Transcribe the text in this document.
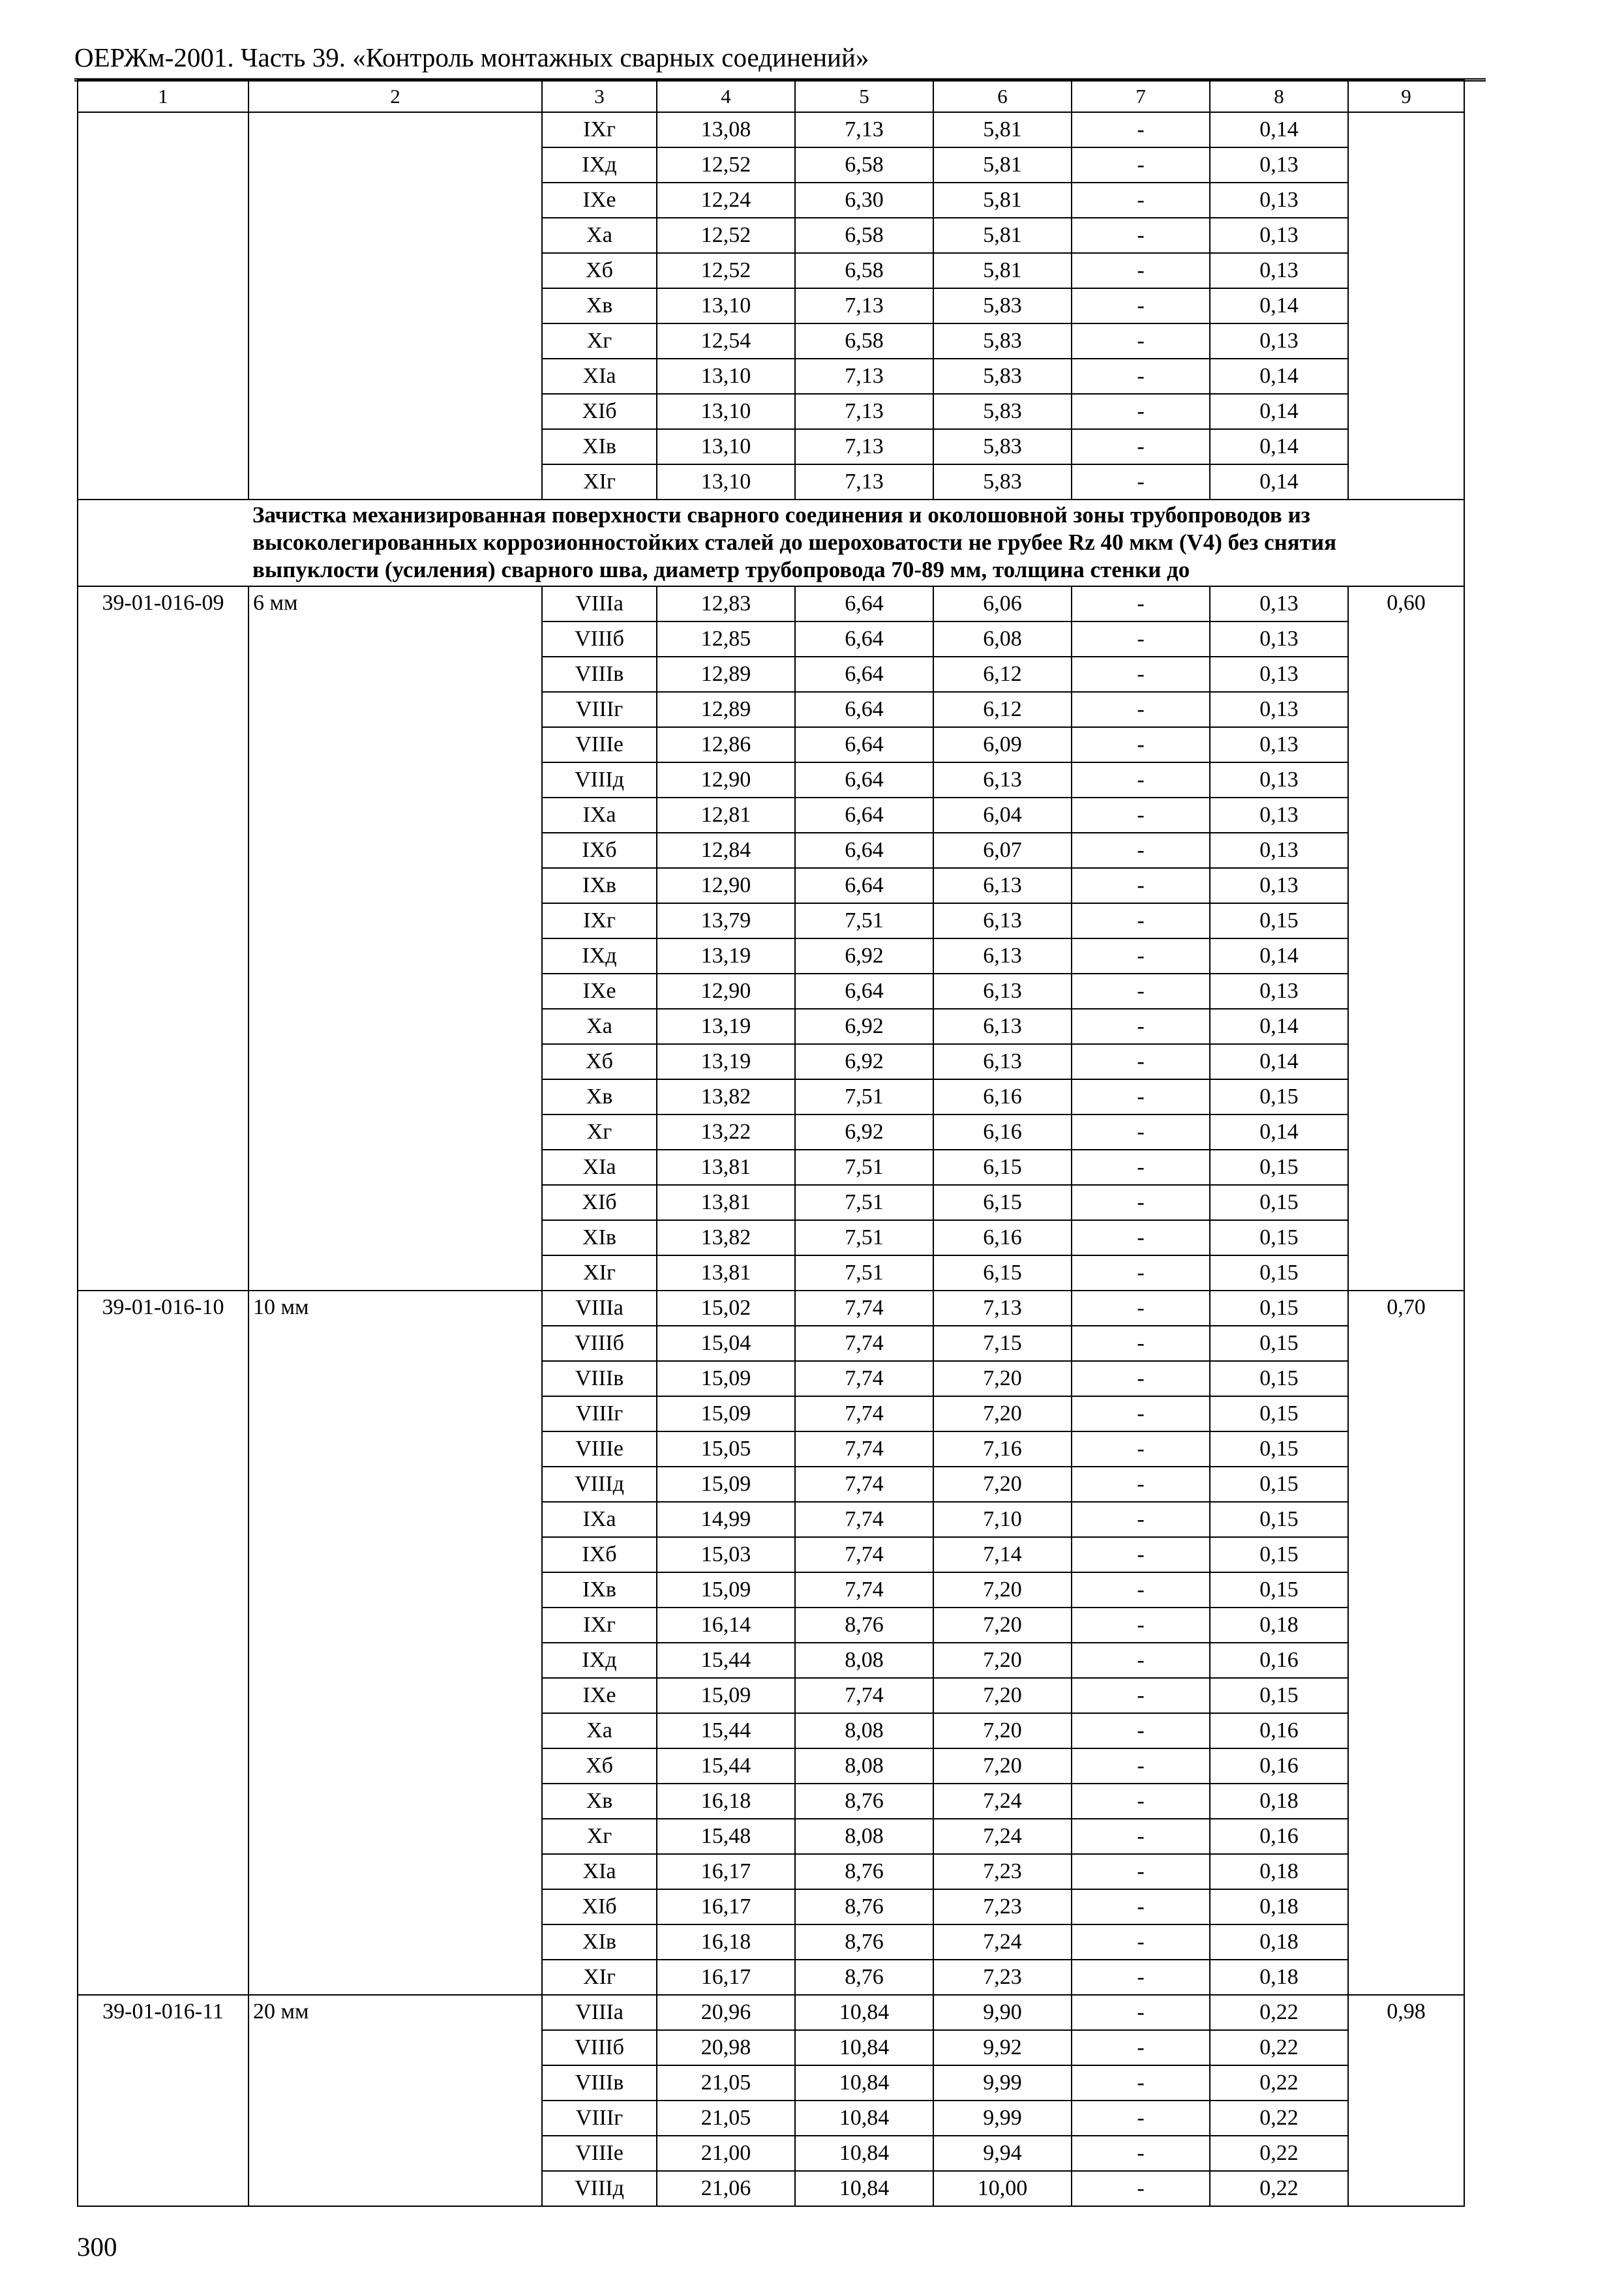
ОЕРЖм-2001. Часть 39. «Контроль монтажных сварных соединений»
1	2	3	4	5	6	7	8	9
		IXг	13,08	7,13	5,81	-	0,14	
		IXд	12,52	6,58	5,81	-	0,13	
		IXе	12,24	6,30	5,81	-	0,13	
		Xа	12,52	6,58	5,81	-	0,13	
		Xб	12,52	6,58	5,81	-	0,13	
		Xв	13,10	7,13	5,83	-	0,14	
		Xг	12,54	6,58	5,83	-	0,13	
		XIа	13,10	7,13	5,83	-	0,14	
		XIб	13,10	7,13	5,83	-	0,14	
		XIв	13,10	7,13	5,83	-	0,14	
		XIг	13,10	7,13	5,83	-	0,14	
	Зачистка механизированная поверхности сварного соединения и околошовной зоны трубопроводов из высоколегированных коррозионностойких сталей до шероховатости не грубее Rz 40 мкм (V4) без снятия выпуклости (усиления) сварного шва, диаметр трубопровода 70-89 мм, толщина стенки до							
39-01-016-09	6 мм	VIIIа	12,83	6,64	6,06	-	0,13	0,60
		VIIIб	12,85	6,64	6,08	-	0,13	
		VIIIв	12,89	6,64	6,12	-	0,13	
		VIIIг	12,89	6,64	6,12	-	0,13	
		VIIIе	12,86	6,64	6,09	-	0,13	
		VIIIд	12,90	6,64	6,13	-	0,13	
		IXа	12,81	6,64	6,04	-	0,13	
		IXб	12,84	6,64	6,07	-	0,13	
		IXв	12,90	6,64	6,13	-	0,13	
		IXг	13,79	7,51	6,13	-	0,15	
		IXд	13,19	6,92	6,13	-	0,14	
		IXе	12,90	6,64	6,13	-	0,13	
		Xа	13,19	6,92	6,13	-	0,14	
		Xб	13,19	6,92	6,13	-	0,14	
		Xв	13,82	7,51	6,16	-	0,15	
		Xг	13,22	6,92	6,16	-	0,14	
		XIа	13,81	7,51	6,15	-	0,15	
		XIб	13,81	7,51	6,15	-	0,15	
		XIв	13,82	7,51	6,16	-	0,15	
		XIг	13,81	7,51	6,15	-	0,15	
39-01-016-10	10 мм	VIIIа	15,02	7,74	7,13	-	0,15	0,70
		VIIIб	15,04	7,74	7,15	-	0,15	
		VIIIв	15,09	7,74	7,20	-	0,15	
		VIIIг	15,09	7,74	7,20	-	0,15	
		VIIIе	15,05	7,74	7,16	-	0,15	
		VIIIд	15,09	7,74	7,20	-	0,15	
		IXа	14,99	7,74	7,10	-	0,15	
		IXб	15,03	7,74	7,14	-	0,15	
		IXв	15,09	7,74	7,20	-	0,15	
		IXг	16,14	8,76	7,20	-	0,18	
		IXд	15,44	8,08	7,20	-	0,16	
		IXе	15,09	7,74	7,20	-	0,15	
		Xа	15,44	8,08	7,20	-	0,16	
		Xб	15,44	8,08	7,20	-	0,16	
		Xв	16,18	8,76	7,24	-	0,18	
		Xг	15,48	8,08	7,24	-	0,16	
		XIа	16,17	8,76	7,23	-	0,18	
		XIб	16,17	8,76	7,23	-	0,18	
		XIв	16,18	8,76	7,24	-	0,18	
		XIг	16,17	8,76	7,23	-	0,18	
39-01-016-11	20 мм	VIIIа	20,96	10,84	9,90	-	0,22	0,98
		VIIIб	20,98	10,84	9,92	-	0,22	
		VIIIв	21,05	10,84	9,99	-	0,22	
		VIIIг	21,05	10,84	9,99	-	0,22	
		VIIIе	21,00	10,84	9,94	-	0,22	
		VIIIд	21,06	10,84	10,00	-	0,22	
300
